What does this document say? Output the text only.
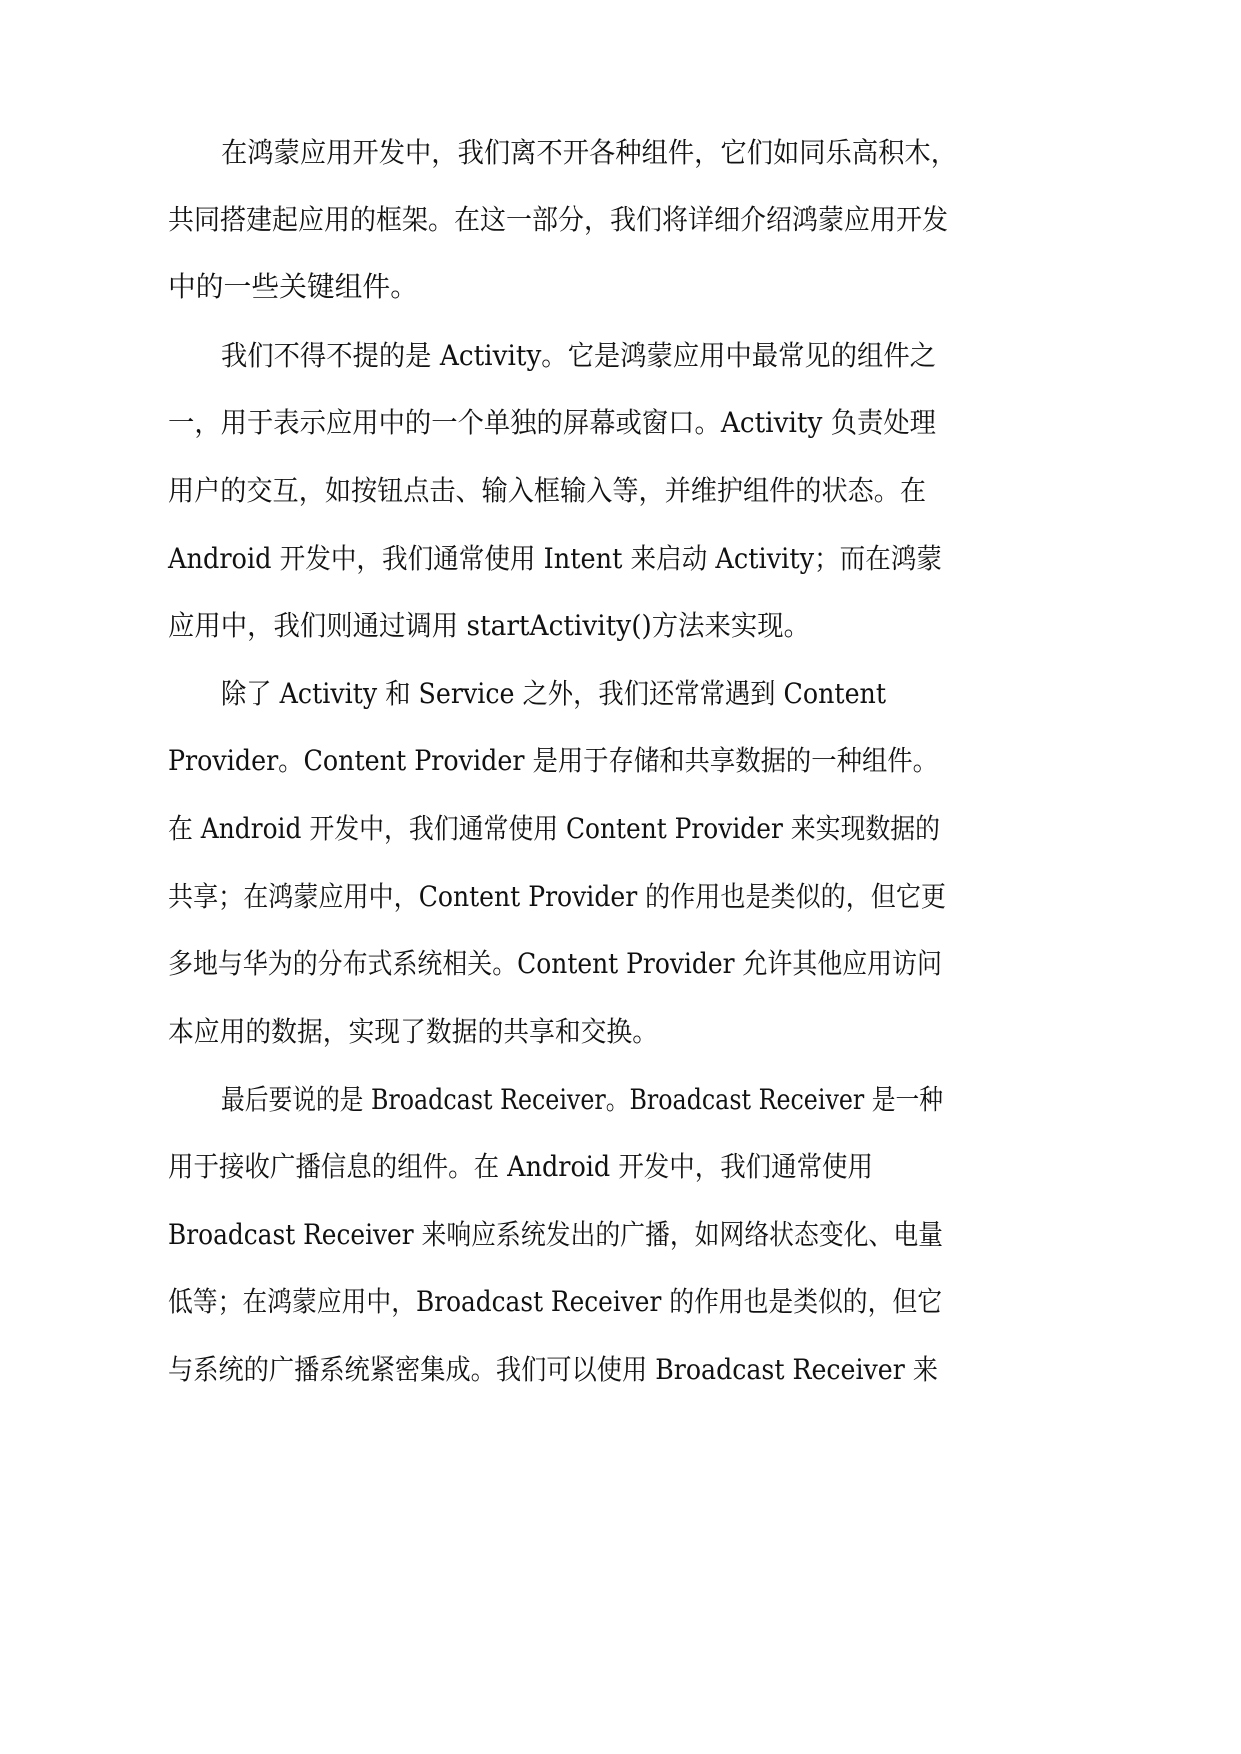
在鸿蒙应用开发中，我们离不开各种组件，它们如同乐高积木，
共同搭建起应用的框架。在这一部分，我们将详细介绍鸿蒙应用开发
中的一些关键组件。
我们不得不提的是 Activity。它是鸿蒙应用中最常见的组件之
一，用于表示应用中的一个单独的屏幕或窗口。Activity 负责处理
用户的交互，如按钮点击、输入框输入等，并维护组件的状态。在
Android 开发中，我们通常使用 Intent 来启动 Activity；而在鸿蒙
应用中，我们则通过调用 startActivity()方法来实现。
除了 Activity 和 Service 之外，我们还常常遇到 Content
Provider。Content Provider 是用于存储和共享数据的一种组件。
在 Android 开发中，我们通常使用 Content Provider 来实现数据的
共享；在鸿蒙应用中，Content Provider 的作用也是类似的，但它更
多地与华为的分布式系统相关。Content Provider 允许其他应用访问
本应用的数据，实现了数据的共享和交换。
最后要说的是 Broadcast Receiver。Broadcast Receiver 是一种
用于接收广播信息的组件。在 Android 开发中，我们通常使用
Broadcast Receiver 来响应系统发出的广播，如网络状态变化、电量
低等；在鸿蒙应用中，Broadcast Receiver 的作用也是类似的，但它
与系统的广播系统紧密集成。我们可以使用 Broadcast Receiver 来
